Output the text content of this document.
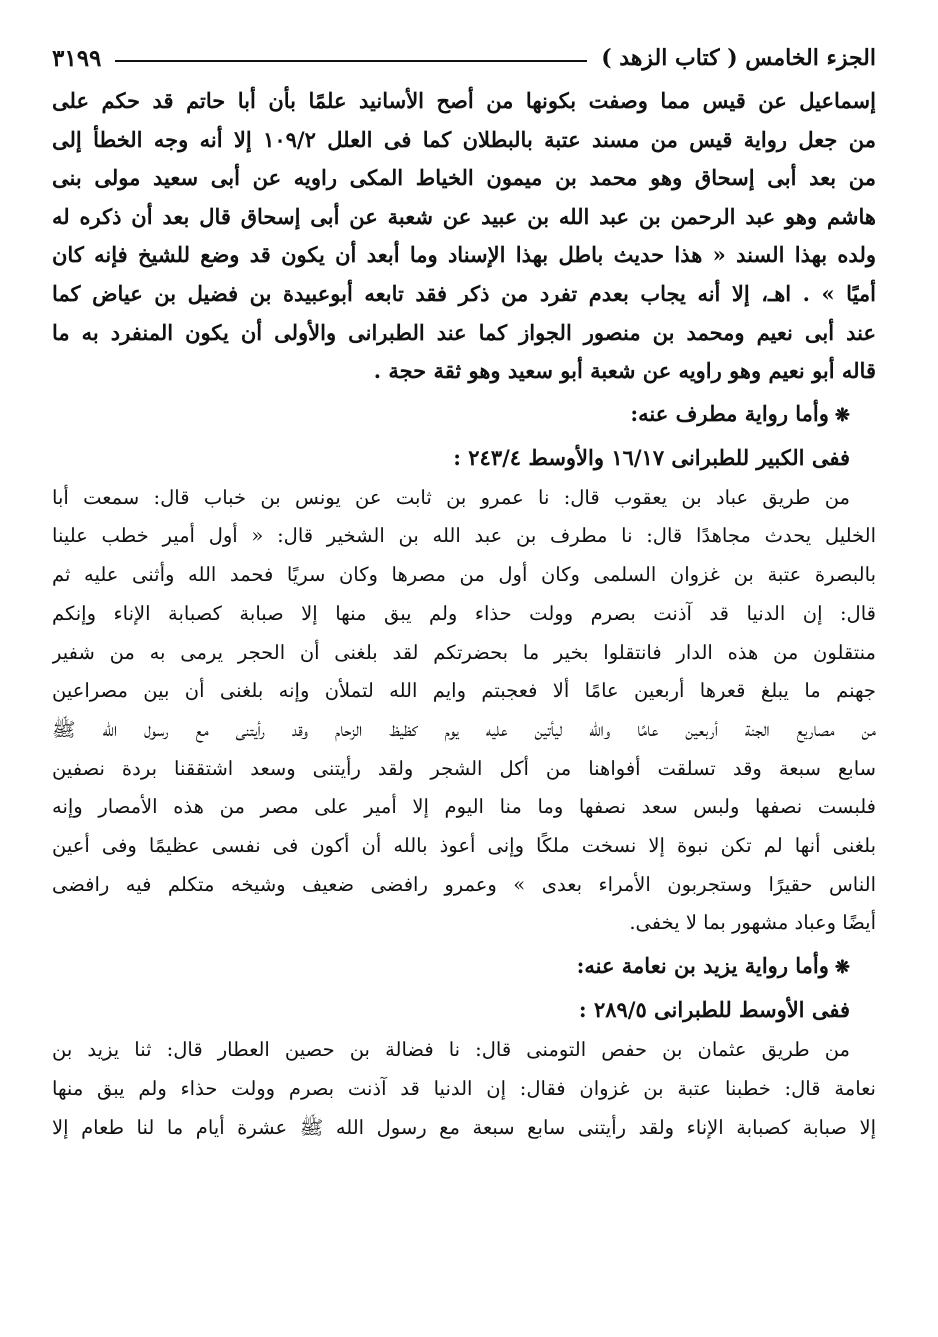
الجزء الخامس ( كتاب الزهد )
٣١٩٩
إسماعيل عن قيس مما وصفت بكونها من أصح الأسانيد علمًا بأن أبا حاتم قد حكم على
من جعل رواية قيس من مسند عتبة بالبطلان كما فى العلل ١٠٩/٢ إلا أنه وجه الخطأ إلى
من بعد أبى إسحاق وهو محمد بن ميمون الخياط المكى راويه عن أبى سعيد مولى بنى
هاشم وهو عبد الرحمن بن عبد الله بن عبيد عن شعبة عن أبى إسحاق قال بعد أن ذكره له
ولده بهذا السند « هذا حديث باطل بهذا الإسناد وما أبعد أن يكون قد وضع للشيخ فإنه كان
أميًا » . اهـ، إلا أنه يجاب بعدم تفرد من ذكر فقد تابعه أبوعبيدة بن فضيل بن عياض كما
عند أبى نعيم ومحمد بن منصور الجواز كما عند الطبرانى والأولى أن يكون المنفرد به ما
قاله أبو نعيم وهو راويه عن شعبة أبو سعيد وهو ثقة حجة .
❋وأما رواية مطرف عنه:
ففى الكبير للطبرانى ١٦/١٧ والأوسط ٢٤٣/٤ :
من طريق عباد بن يعقوب قال: نا عمرو بن ثابت عن يونس بن خباب قال: سمعت أبا
الخليل يحدث مجاهدًا قال: نا مطرف بن عبد الله بن الشخير قال: « أول أمير خطب علينا
بالبصرة عتبة بن غزوان السلمى وكان أول من مصرها وكان سريًا فحمد الله وأثنى عليه ثم
قال: إن الدنيا قد آذنت بصرم وولت حذاء ولم يبق منها إلا صبابة كصبابة الإناء وإنكم
منتقلون من هذه الدار فانتقلوا بخير ما بحضرتكم لقد بلغنى أن الحجر يرمى به من شفير
جهنم ما يبلغ قعرها أربعين عامًا ألا فعجبتم وايم الله لتملأن وإنه بلغنى أن بين مصراعين
من مصاريع الجنة أربعين عامًا والله ليأتين عليه يوم كظيظ الزحام وقد رأيتنى مع رسول الله ﷺ
سابع سبعة وقد تسلقت أفواهنا من أكل الشجر ولقد رأيتنى وسعد اشتققنا بردة نصفين
فلبست نصفها ولبس سعد نصفها وما منا اليوم إلا أمير على مصر من هذه الأمصار وإنه
بلغنى أنها لم تكن نبوة إلا نسخت ملكًا وإنى أعوذ بالله أن أكون فى نفسى عظيمًا وفى أعين
الناس حقيرًا وستجربون الأمراء بعدى » وعمرو رافضى ضعيف وشيخه متكلم فيه رافضى
أيضًا وعباد مشهور بما لا يخفى.
❋وأما رواية يزيد بن نعامة عنه:
ففى الأوسط للطبرانى ٢٨٩/٥ :
من طريق عثمان بن حفص التومنى قال: نا فضالة بن حصين العطار قال: ثنا يزيد بن
نعامة قال: خطبنا عتبة بن غزوان فقال: إن الدنيا قد آذنت بصرم وولت حذاء ولم يبق منها
إلا صبابة كصبابة الإناء ولقد رأيتنى سابع سبعة مع رسول الله ﷺ عشرة أيام ما لنا طعام إلا
